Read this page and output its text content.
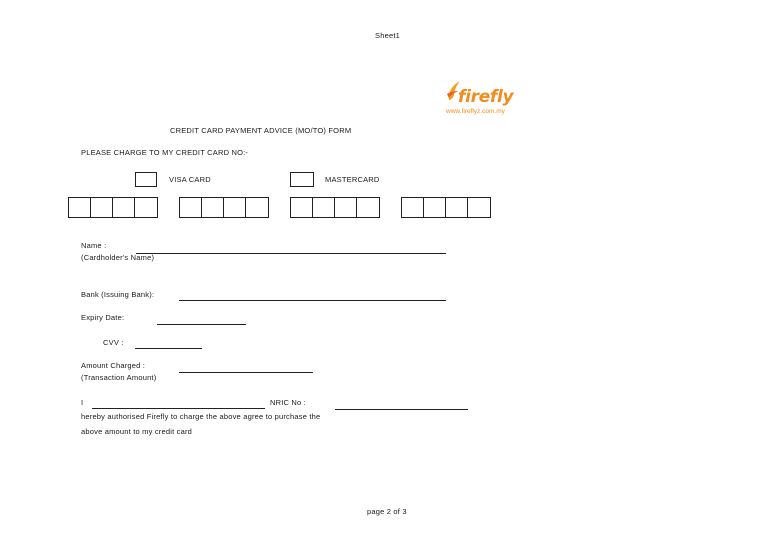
Sheet1
firefly
www.fireflyz.com.my
CREDIT CARD PAYMENT ADVICE (MO/TO) FORM
PLEASE CHARGE TO MY CREDIT CARD NO:-
VISA CARD	MASTERCARD
Name :
(Cardholder's Name)
Bank (Issuing Bank):
Expiry Date:
CVV :
Amount Charged :
(Transaction Amount)
I	NRIC No :
hereby authorised Firefly to charge the above agree to purchase the
above amount to my credit card
page 2 of 3
